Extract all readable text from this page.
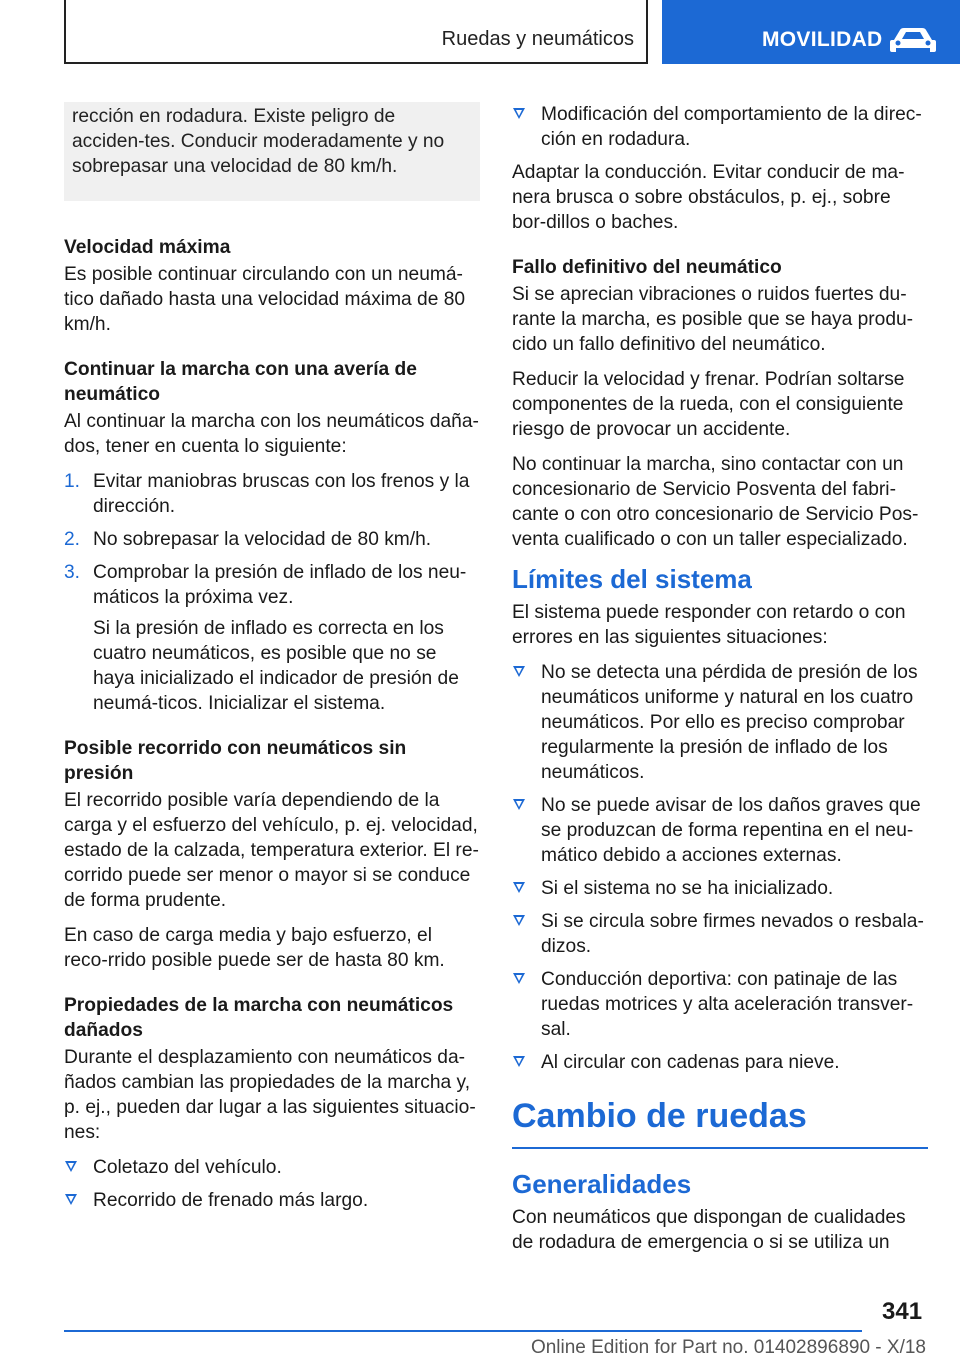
Ruedas y neumáticos	MOVILIDAD
rección en rodadura. Existe peligro de acciden-tes. Conducir moderadamente y no sobrepasar una velocidad de 80 km/h.
Velocidad máxima

Es posible continuar circulando con un neumá-tico dañado hasta una velocidad máxima de 80 km/h.

Continuar la marcha con una avería de neumático

Al continuar la marcha con los neumáticos daña-dos, tener en cuenta lo siguiente:

1. Evitar maniobras bruscas con los frenos y la dirección.
2. No sobrepasar la velocidad de 80 km/h.
3. Comprobar la presión de inflado de los neu-máticos la próxima vez.

Si la presión de inflado es correcta en los cuatro neumáticos, es posible que no se haya inicializado el indicador de presión de neumá-ticos. Inicializar el sistema.

Posible recorrido con neumáticos sin presión

El recorrido posible varía dependiendo de la carga y el esfuerzo del vehículo, p. ej. velocidad, estado de la calzada, temperatura exterior. El re-corrido puede ser menor o mayor si se conduce de forma prudente.

En caso de carga media y bajo esfuerzo, el reco-rrido posible puede ser de hasta 80 km.

Propiedades de la marcha con neumáticos dañados

Durante el desplazamiento con neumáticos da-ñados cambian las propiedades de la marcha y, p. ej., pueden dar lugar a las siguientes situacio-nes:

Coletazo del vehículo.
Recorrido de frenado más largo.
Modificación del comportamiento de la direc-ción en rodadura.

Adaptar la conducción. Evitar conducir de ma-nera brusca o sobre obstáculos, p. ej., sobre bor-dillos o baches.

Fallo definitivo del neumático

Si se aprecian vibraciones o ruidos fuertes du-rante la marcha, es posible que se haya produ-cido un fallo definitivo del neumático.

Reducir la velocidad y frenar. Podrían soltarse componentes de la rueda, con el consiguiente riesgo de provocar un accidente.

No continuar la marcha, sino contactar con un concesionario de Servicio Posventa del fabri-cante o con otro concesionario de Servicio Pos-venta cualificado o con un taller especializado.

Límites del sistema

El sistema puede responder con retardo o con errores en las siguientes situaciones:

No se detecta una pérdida de presión de los neumáticos uniforme y natural en los cuatro neumáticos. Por ello es preciso comprobar regularmente la presión de inflado de los neumáticos.
No se puede avisar de los daños graves que se produzcan de forma repentina en el neu-mático debido a acciones externas.
Si el sistema no se ha inicializado.
Si se circula sobre firmes nevados o resbala-dizos.
Conducción deportiva: con patinaje de las ruedas motrices y alta aceleración transver-sal.
Al circular con cadenas para nieve.
Cambio de ruedas
Generalidades

Con neumáticos que dispongan de cualidades de rodadura de emergencia o si se utiliza un

341
Online Edition for Part no. 01402896890 - X/18
